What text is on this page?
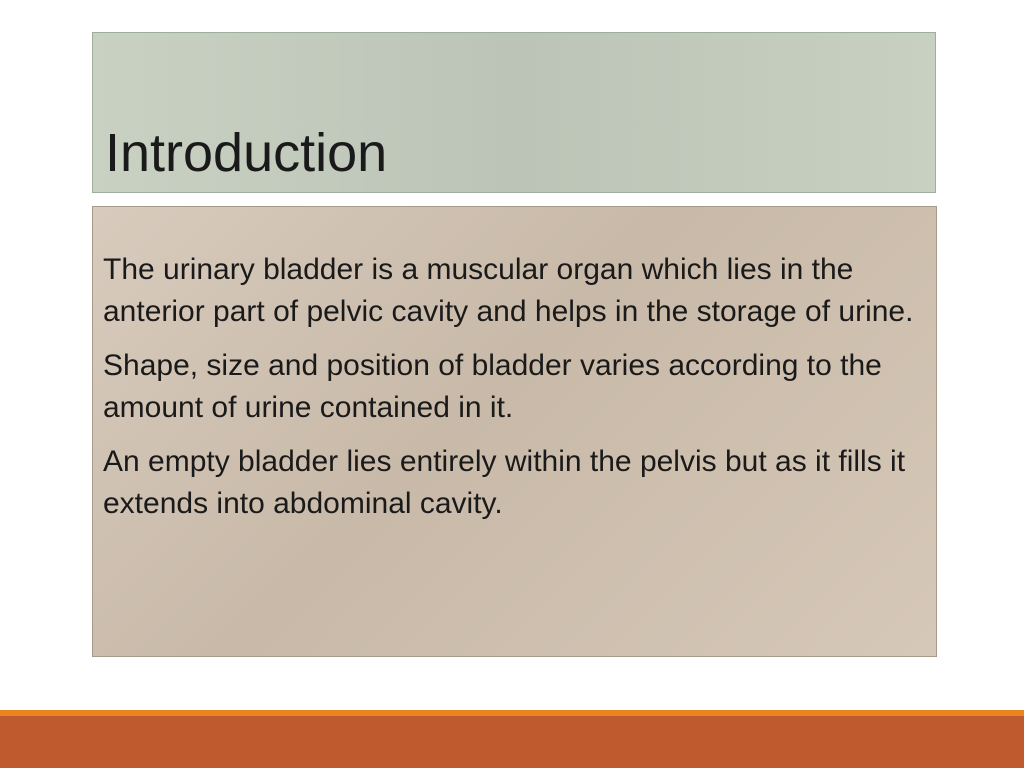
Introduction

The urinary bladder is a muscular organ which lies in the anterior part of pelvic cavity and helps in the storage of urine.

Shape, size and position of bladder varies according to the amount of urine contained in it.

An empty bladder lies entirely within the pelvis but as it fills it extends into abdominal cavity.
